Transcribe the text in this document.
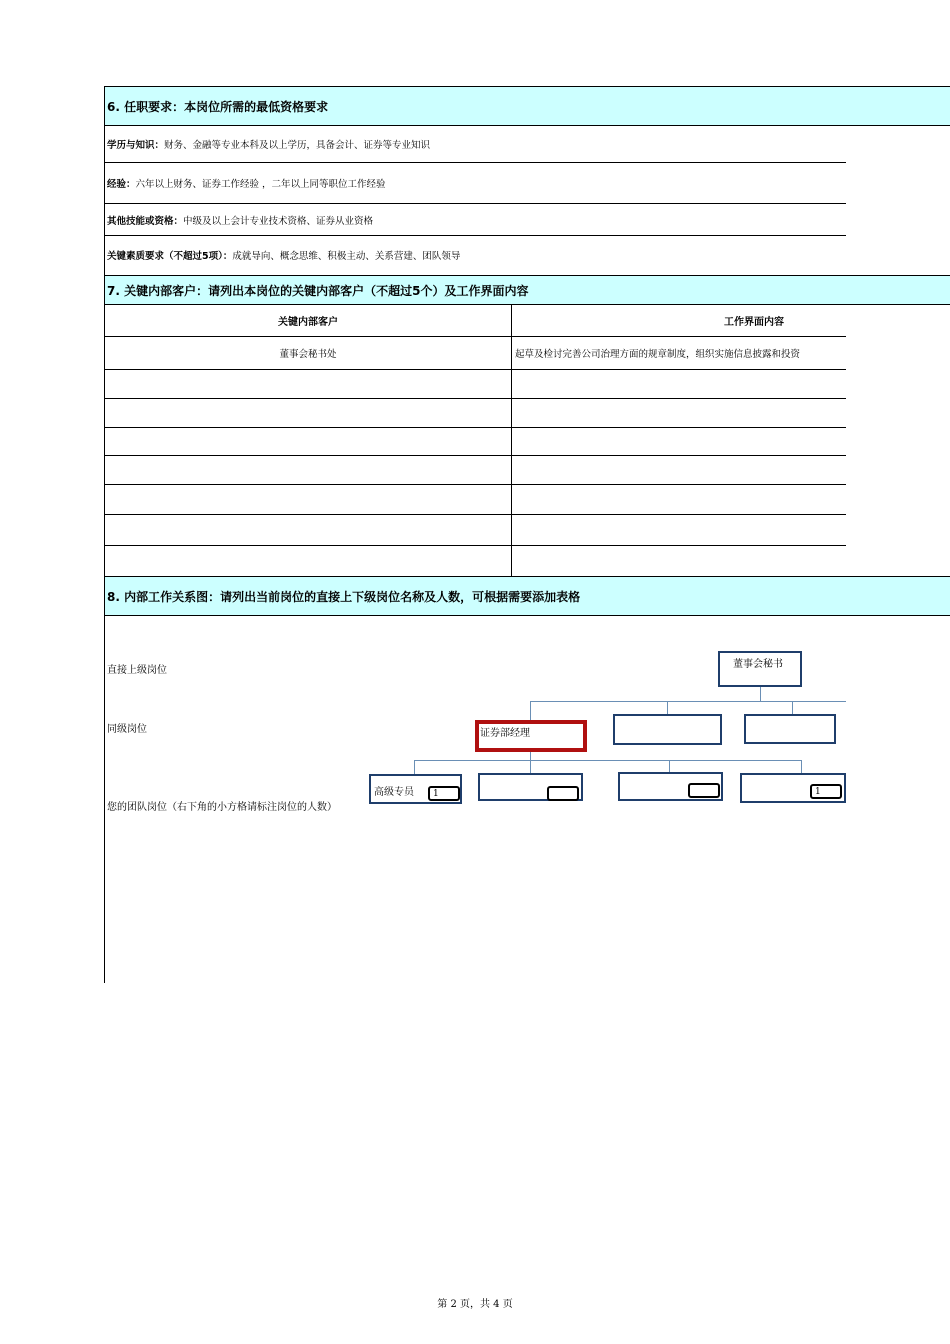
6. 任职要求：本岗位所需的最低资格要求
学历与知识： 财务、金融等专业本科及以上学历，具备会计、证券等专业知识
经验： 六年以上财务、证券工作经验 ，二年以上同等职位工作经验
其他技能或资格： 中级及以上会计专业技术资格、证券从业资格
关键素质要求（不超过5项）： 成就导向、概念思维、积极主动、关系营建、团队领导
7. 关键内部客户：请列出本岗位的关键内部客户（不超过5个）及工作界面内容
关键内部客户	工作界面内容
董事会秘书处	起草及检讨完善公司治理方面的规章制度，组织实施信息披露和投资
8. 内部工作关系图：请列出当前岗位的直接上下级岗位名称及人数，可根据需要添加表格
直接上级岗位
同级岗位
您的团队岗位（右下角的小方格请标注岗位的人数）
董事会秘书
证券部经理
高级专员	1	1
第 2 页，共 4 页
